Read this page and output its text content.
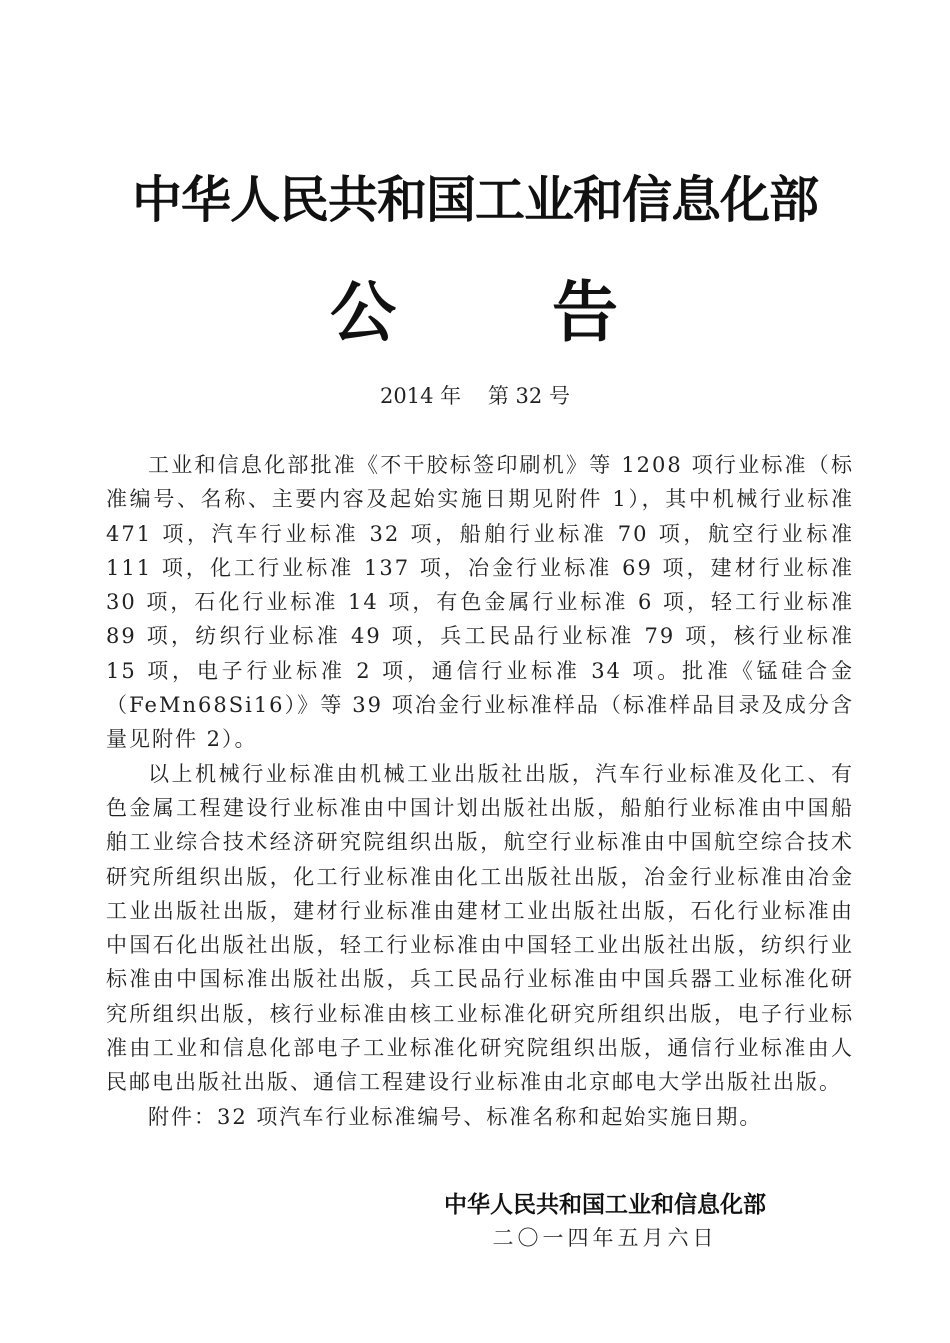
中华人民共和国工业和信息化部
公 告
2014 年    第 32 号

工业和信息化部批准《不干胶标签印刷机》等 1208 项行业标准（标准编号、名称、主要内容及起始实施日期见附件 1），其中机械行业标准 471 项，汽车行业标准 32 项，船舶行业标准 70 项，航空行业标准 111 项，化工行业标准 137 项，冶金行业标准 69 项，建材行业标准 30 项，石化行业标准 14 项，有色金属行业标准 6 项，轻工行业标准 89 项，纺织行业标准 49 项，兵工民品行业标准 79 项，核行业标准 15 项，电子行业标准 2 项，通信行业标准 34 项。批准《锰硅合金（FeMn68Si16）》等 39 项冶金行业标准样品（标准样品目录及成分含量见附件 2）。

以上机械行业标准由机械工业出版社出版，汽车行业标准及化工、有色金属工程建设行业标准由中国计划出版社出版，船舶行业标准由中国船舶工业综合技术经济研究院组织出版，航空行业标准由中国航空综合技术研究所组织出版，化工行业标准由化工出版社出版，冶金行业标准由冶金工业出版社出版，建材行业标准由建材工业出版社出版，石化行业标准由中国石化出版社出版，轻工行业标准由中国轻工业出版社出版，纺织行业标准由中国标准出版社出版，兵工民品行业标准由中国兵器工业标准化研究所组织出版，核行业标准由核工业标准化研究所组织出版，电子行业标准由工业和信息化部电子工业标准化研究院组织出版，通信行业标准由人民邮电出版社出版、通信工程建设行业标准由北京邮电大学出版社出版。

附件：32 项汽车行业标准编号、标准名称和起始实施日期。

中华人民共和国工业和信息化部
二〇一四年五月六日
